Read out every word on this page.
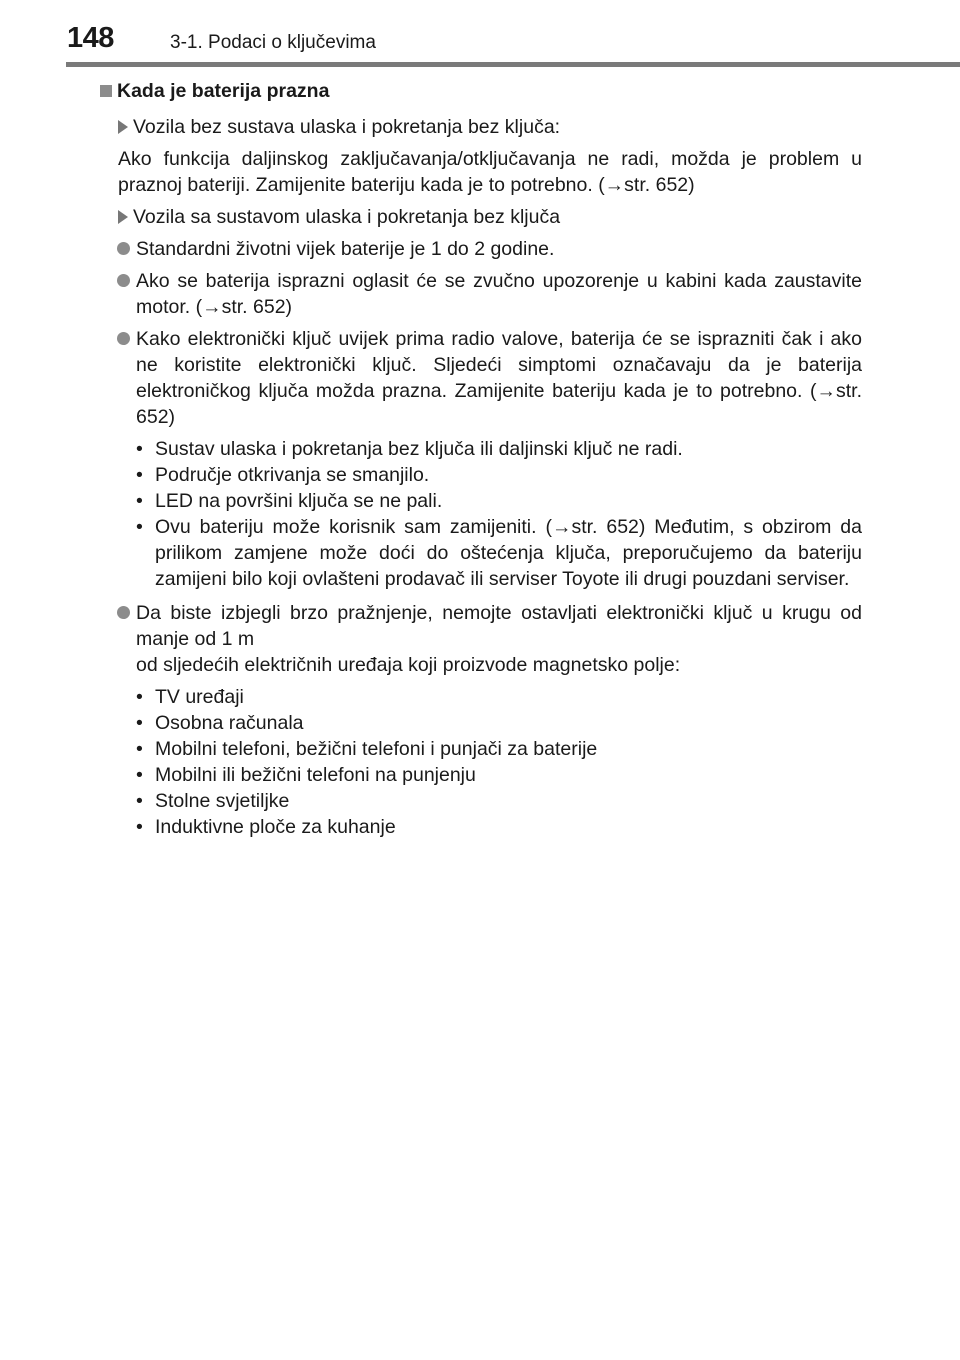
148	3-1. Podaci o ključevima
Kada je baterija prazna
Vozila bez sustava ulaska i pokretanja bez ključa:
Ako funkcija daljinskog zaključavanja/otključavanja ne radi, možda je problem u praznoj bateriji. Zamijenite bateriju kada je to potrebno. (→str. 652)
Vozila sa sustavom ulaska i pokretanja bez ključa
Standardni životni vijek baterije je 1 do 2 godine.
Ako se baterija isprazni oglasit će se zvučno upozorenje u kabini kada zaustavite motor. (→str. 652)
Kako elektronički ključ uvijek prima radio valove, baterija će se isprazniti čak i ako ne koristite elektronički ključ. Sljedeći simptomi označavaju da je baterija elektroničkog ključa možda prazna. Zamijenite bateriju kada je to potrebno. (→str. 652)
• Sustav ulaska i pokretanja bez ključa ili daljinski ključ ne radi.
• Područje otkrivanja se smanjilo.
• LED na površini ključa se ne pali.
• Ovu bateriju može korisnik sam zamijeniti. (→str. 652) Međutim, s obzirom da prilikom zamjene može doći do oštećenja ključa, preporučujemo da bateriju zamijeni bilo koji ovlašteni prodavač ili serviser Toyote ili drugi pouzdani serviser.
Da biste izbjegli brzo pražnjenje, nemojte ostavljati elektronički ključ u krugu od manje od 1 m
od sljedećih električnih uređaja koji proizvode magnetsko polje:
• TV uređaji
• Osobna računala
• Mobilni telefoni, bežični telefoni i punjači za baterije
• Mobilni ili bežični telefoni na punjenju
• Stolne svjetiljke
• Induktivne ploče za kuhanje
